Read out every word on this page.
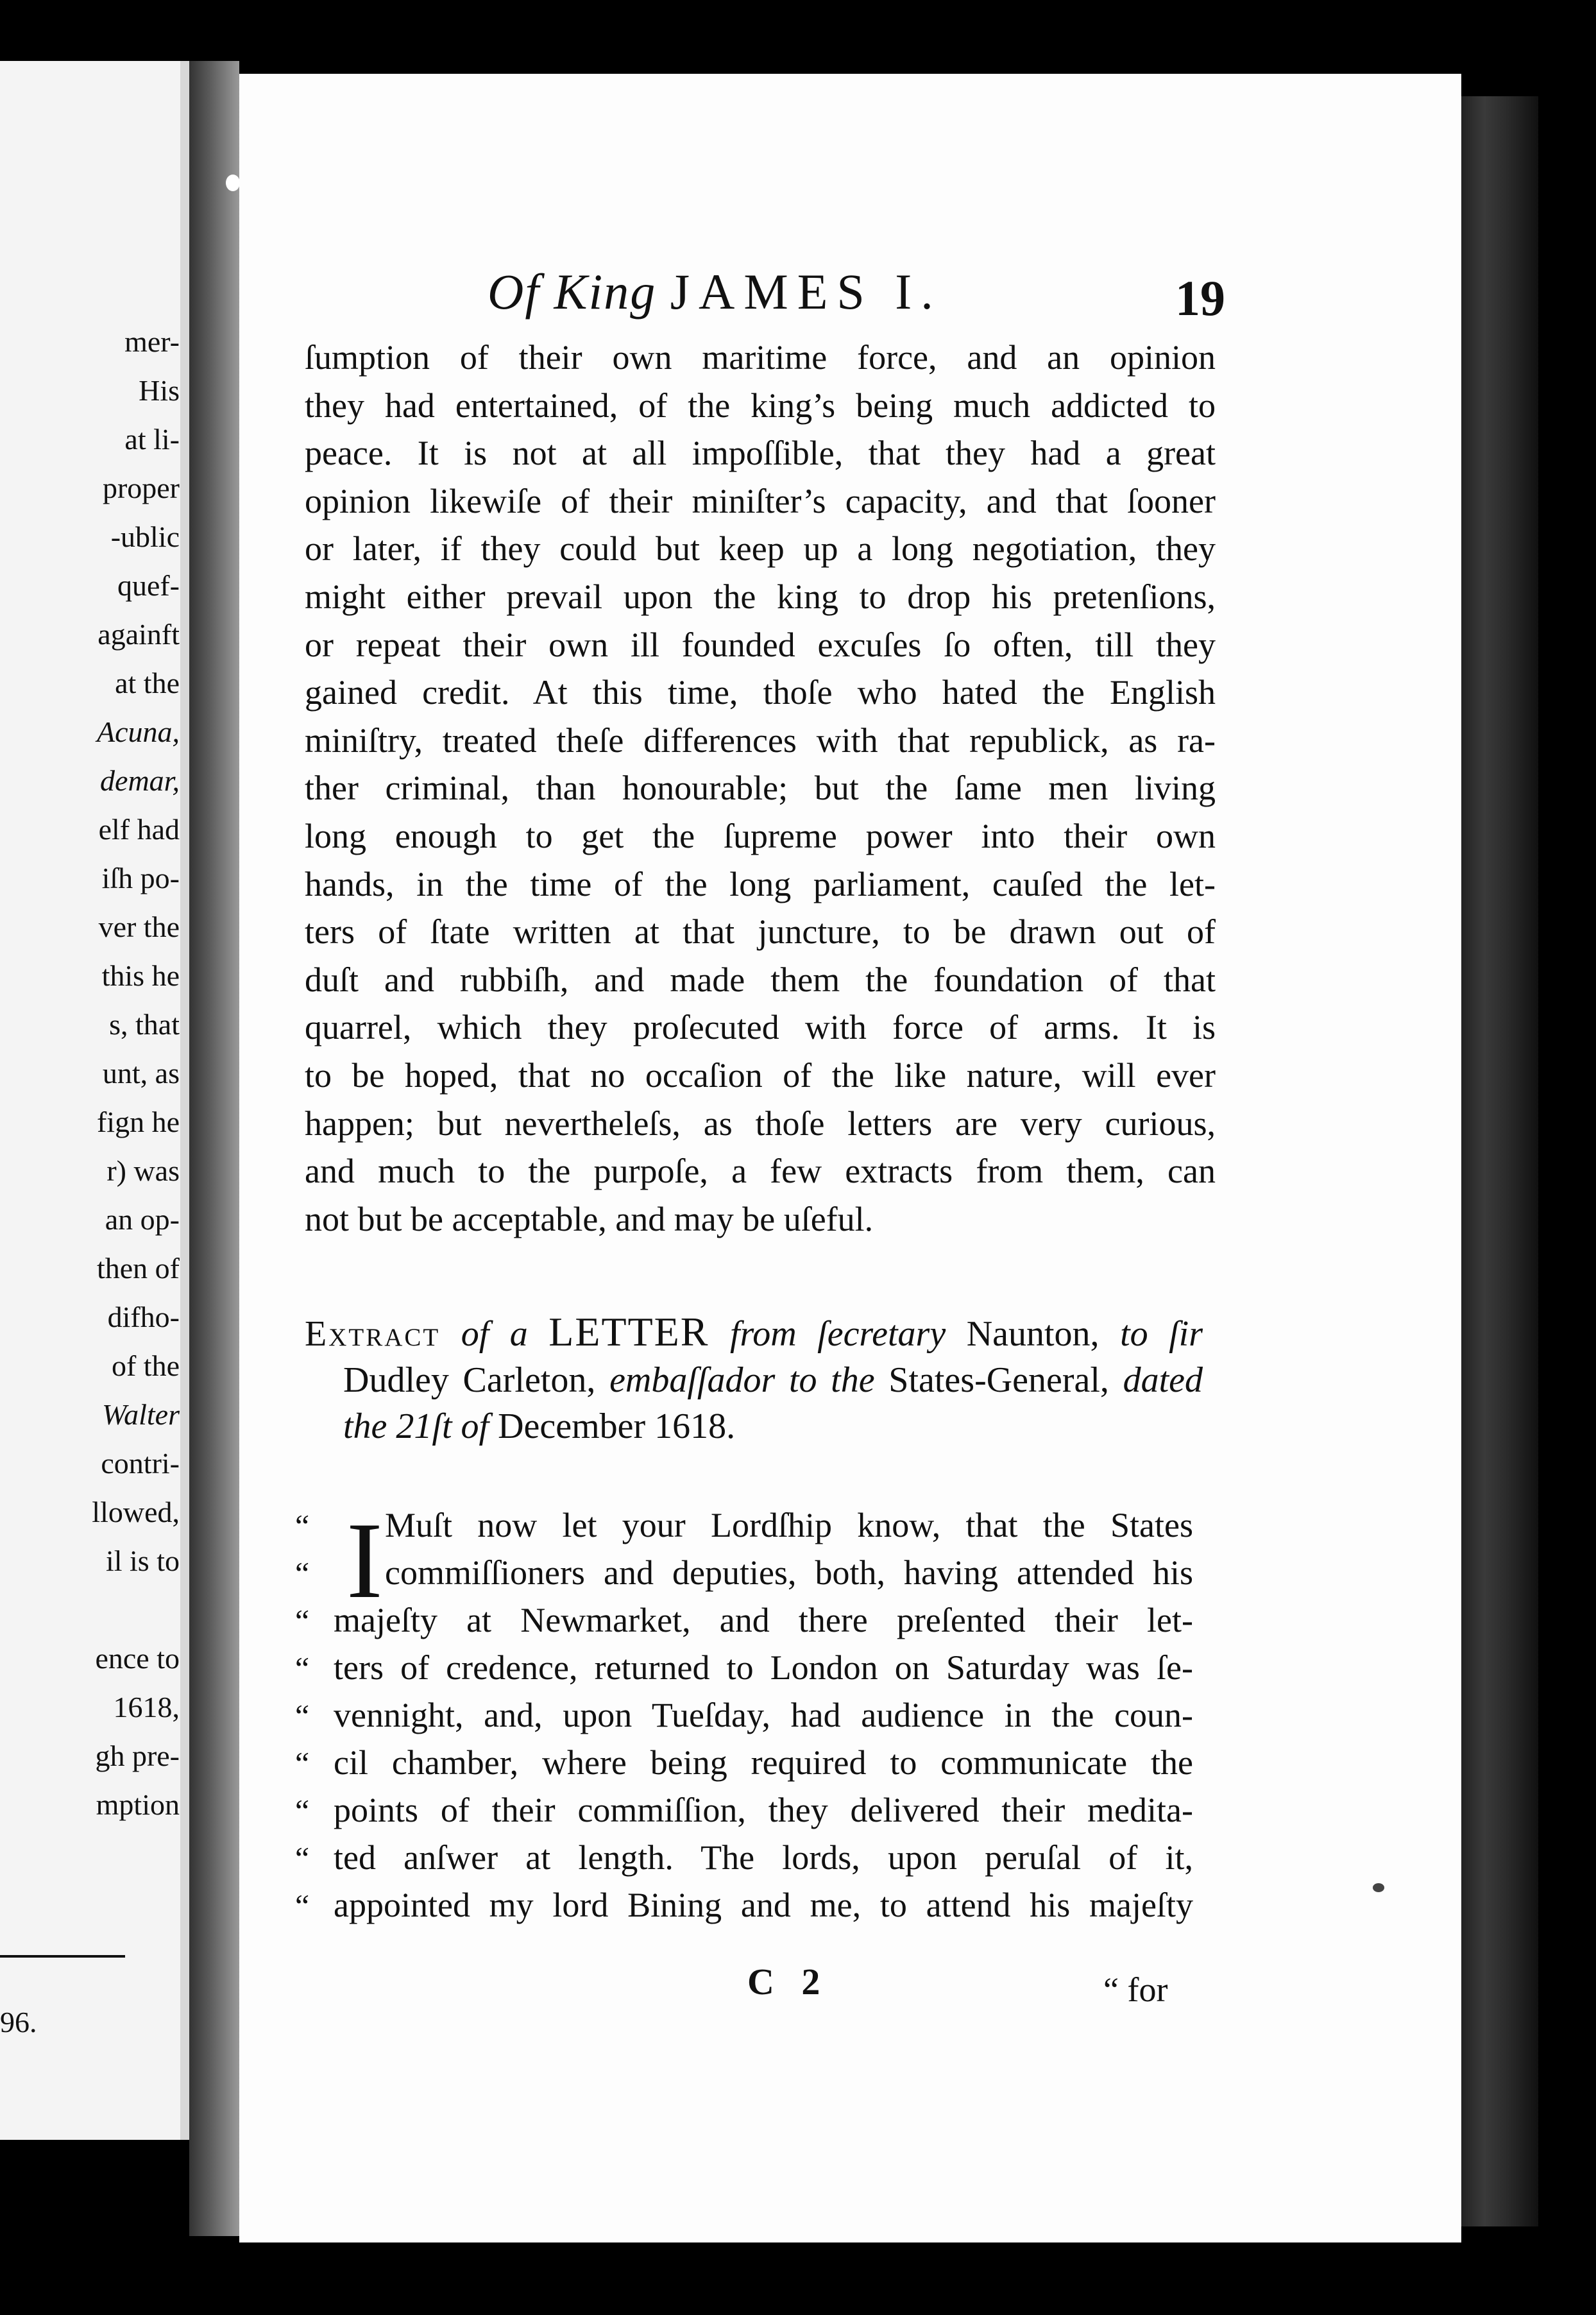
mer-
His
at li-
proper
-ublic
quef-
againft
at the
Acuna,
demar,
elf had
iſh po-
ver the
this he
s, that
unt, as
fign he
r) was
an op-
then of
difho-
of the
Walter
contri-
llowed,
il is to

ence to
1618,
gh pre-
mption
96.
Of King JAMES I.	19
ſumption of their own maritime force, and an opinion
they had entertained, of the king’s being much addicted to
peace. It is not at all impoſſible, that they had a great
opinion likewiſe of their miniſter’s capacity, and that ſooner
or later, if they could but keep up a long negotiation, they
might either prevail upon the king to drop his pretenſions,
or repeat their own ill founded excuſes ſo often, till they
gained credit. At this time, thoſe who hated the English
miniſtry, treated theſe differences with that republick, as ra-
ther criminal, than honourable; but the ſame men living
long enough to get the ſupreme power into their own
hands, in the time of the long parliament, cauſed the let-
ters of ſtate written at that juncture, to be drawn out of
duſt and rubbiſh, and made them the foundation of that
quarrel, which they proſecuted with force of arms. It is
to be hoped, that no occaſion of the like nature, will ever
happen; but nevertheleſs, as thoſe letters are very curious,
and much to the purpoſe, a few extracts from them, can
not but be acceptable, and may be uſeful.
Extract of a LETTER from ſecretary Naunton, to ſir
Dudley Carleton, embaſſador to the States-General, dated
the 21ſt of December 1618.
I
“	Muſt now let your Lordſhip know, that the States
“	commiſſioners and deputies, both, having attended his
“ majeſty at Newmarket, and there preſented their let-
“ ters of credence, returned to London on Saturday was ſe-
“ vennight, and, upon Tueſday, had audience in the coun-
“ cil chamber, where being required to communicate the
“ points of their commiſſion, they delivered their medita-
“ ted anſwer at length. The lords, upon peruſal of it,
“ appointed my lord Bining and me, to attend his majeſty
C 2	“ for
